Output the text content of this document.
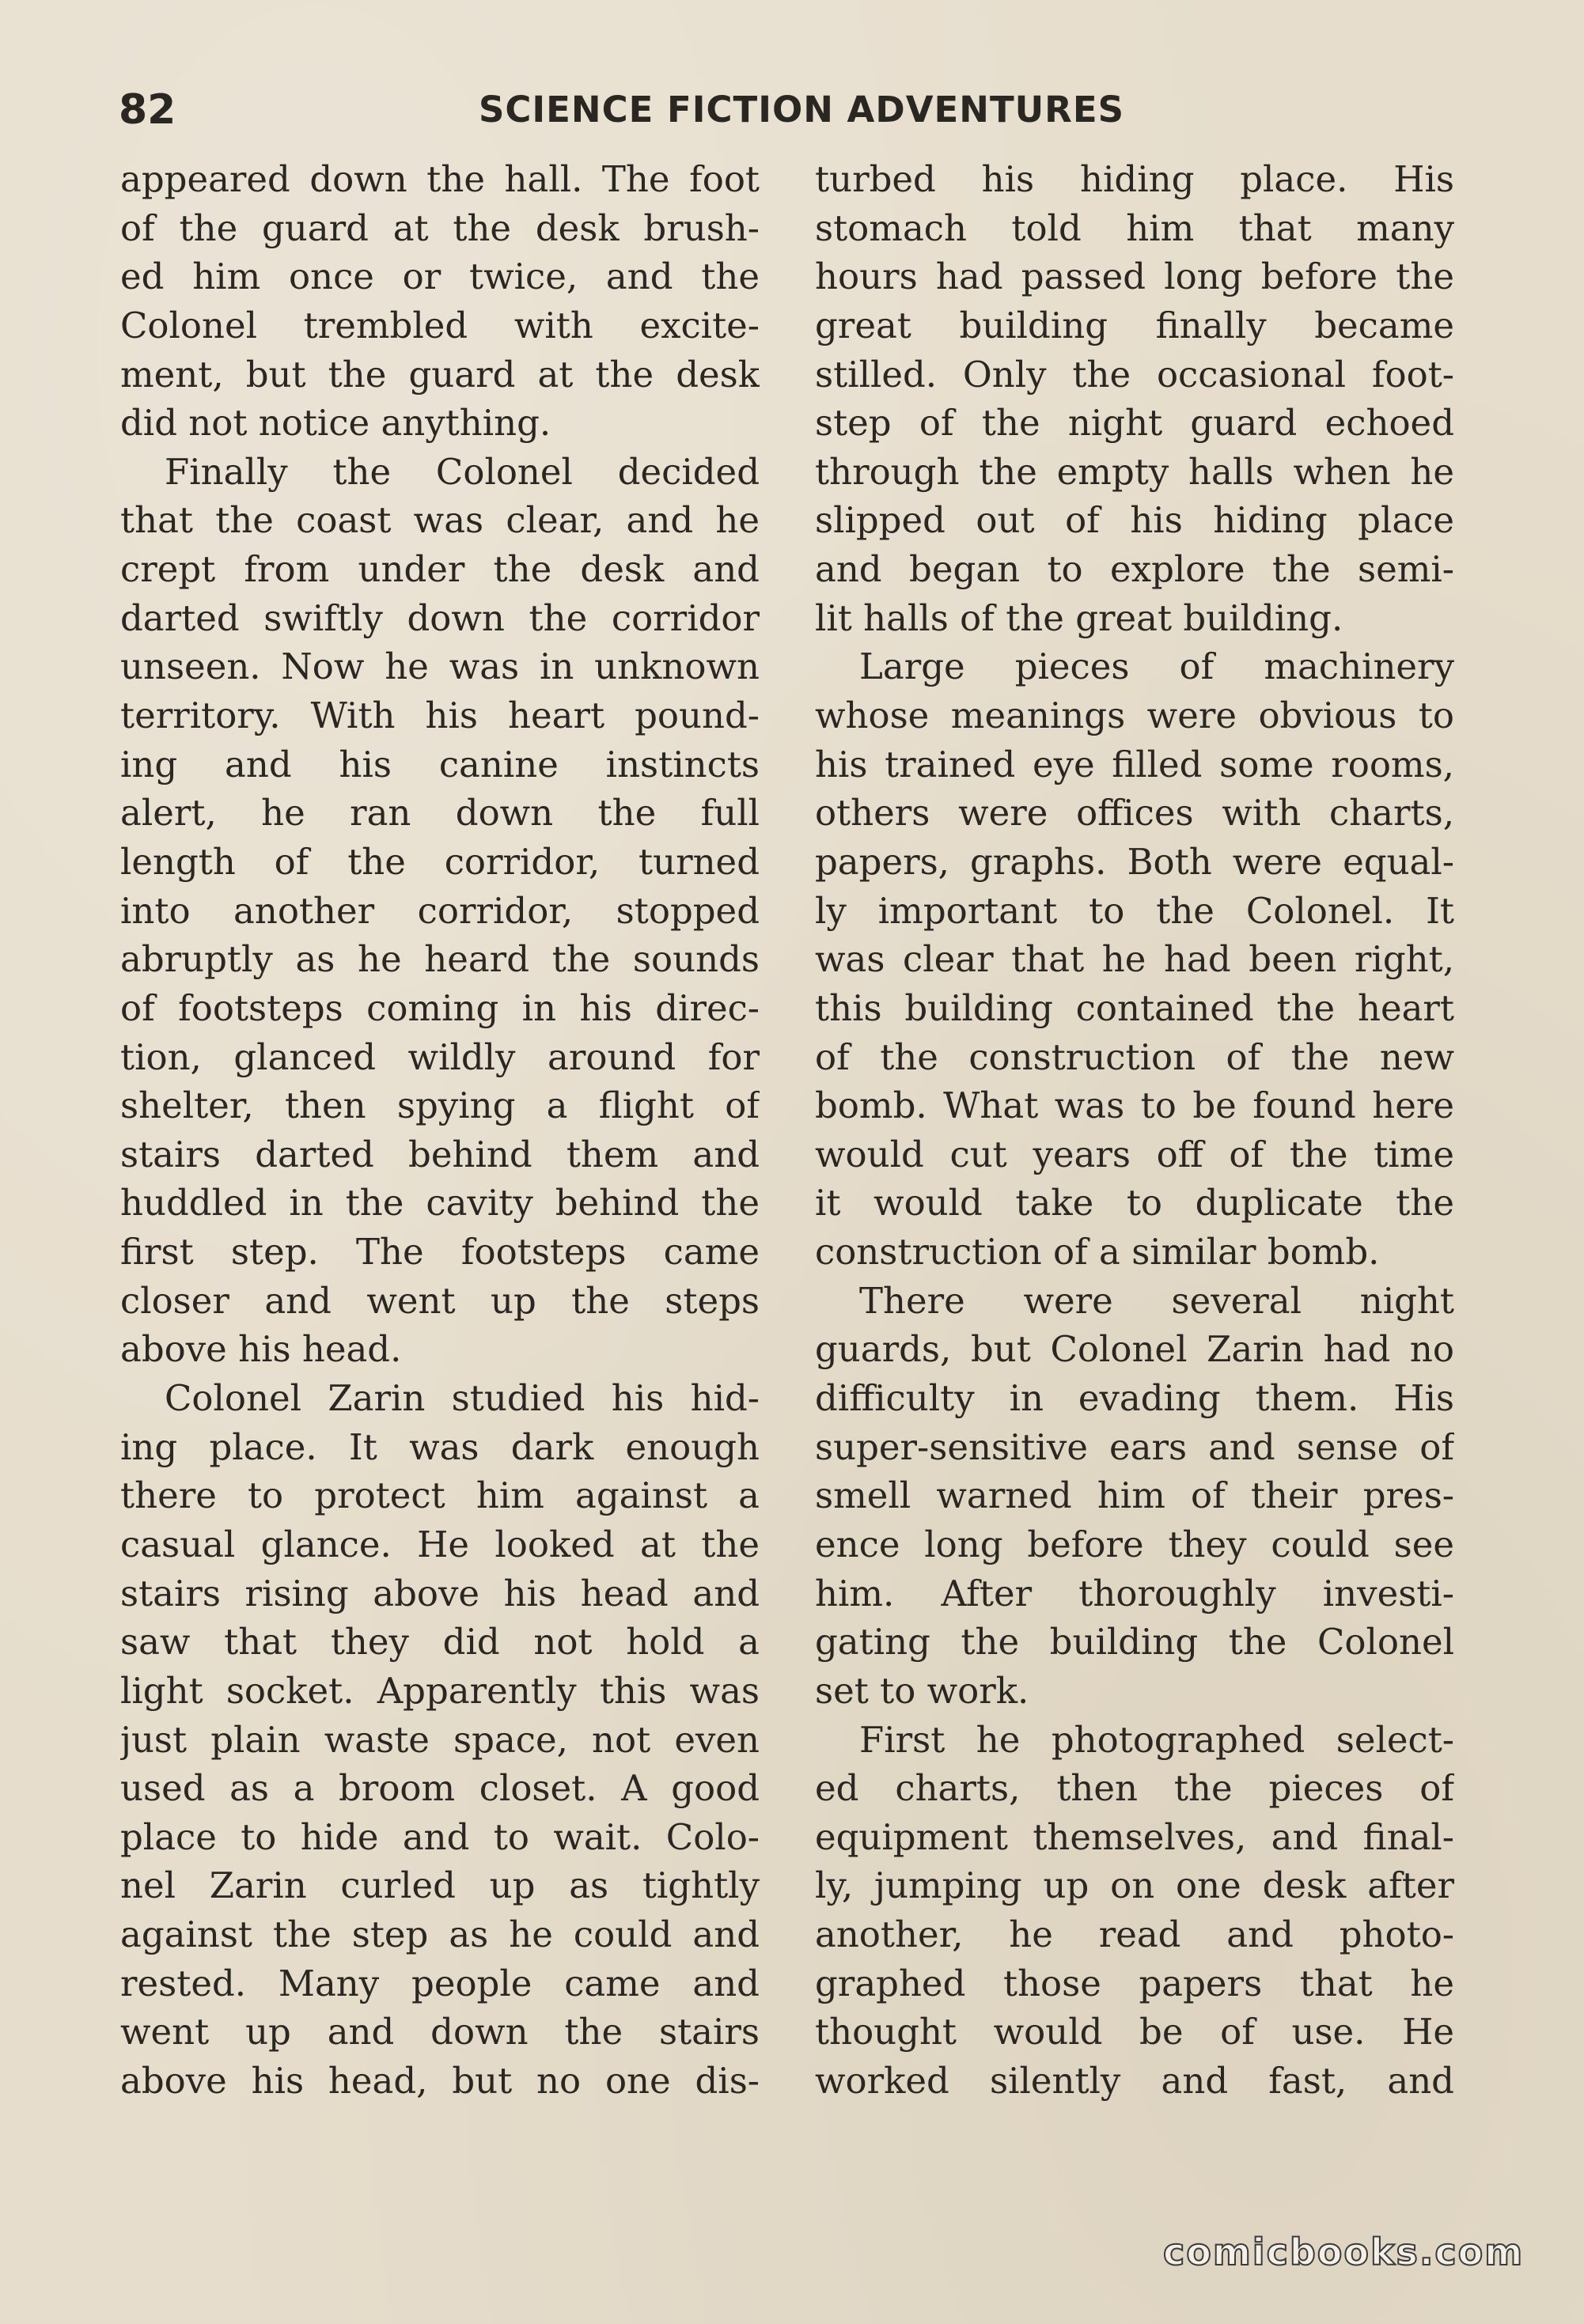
82	SCIENCE FICTION ADVENTURES
appeared down the hall. The foot
of the guard at the desk brush-
ed him once or twice, and the
Colonel trembled with excite-
ment, but the guard at the desk
did not notice anything.
Finally the Colonel decided
that the coast was clear, and he
crept from under the desk and
darted swiftly down the corridor
unseen. Now he was in unknown
territory. With his heart pound-
ing and his canine instincts
alert, he ran down the full
length of the corridor, turned
into another corridor, stopped
abruptly as he heard the sounds
of footsteps coming in his direc-
tion, glanced wildly around for
shelter, then spying a flight of
stairs darted behind them and
huddled in the cavity behind the
first step. The footsteps came
closer and went up the steps
above his head.
Colonel Zarin studied his hid-
ing place. It was dark enough
there to protect him against a
casual glance. He looked at the
stairs rising above his head and
saw that they did not hold a
light socket. Apparently this was
just plain waste space, not even
used as a broom closet. A good
place to hide and to wait. Colo-
nel Zarin curled up as tightly
against the step as he could and
rested. Many people came and
went up and down the stairs
above his head, but no one dis-
turbed his hiding place. His
stomach told him that many
hours had passed long before the
great building finally became
stilled. Only the occasional foot-
step of the night guard echoed
through the empty halls when he
slipped out of his hiding place
and began to explore the semi-
lit halls of the great building.
Large pieces of machinery
whose meanings were obvious to
his trained eye filled some rooms,
others were offices with charts,
papers, graphs. Both were equal-
ly important to the Colonel. It
was clear that he had been right,
this building contained the heart
of the construction of the new
bomb. What was to be found here
would cut years off of the time
it would take to duplicate the
construction of a similar bomb.
There were several night
guards, but Colonel Zarin had no
difficulty in evading them. His
super-sensitive ears and sense of
smell warned him of their pres-
ence long before they could see
him. After thoroughly investi-
gating the building the Colonel
set to work.
First he photographed select-
ed charts, then the pieces of
equipment themselves, and final-
ly, jumping up on one desk after
another, he read and photo-
graphed those papers that he
thought would be of use. He
worked silently and fast, and
comicbooks.com
